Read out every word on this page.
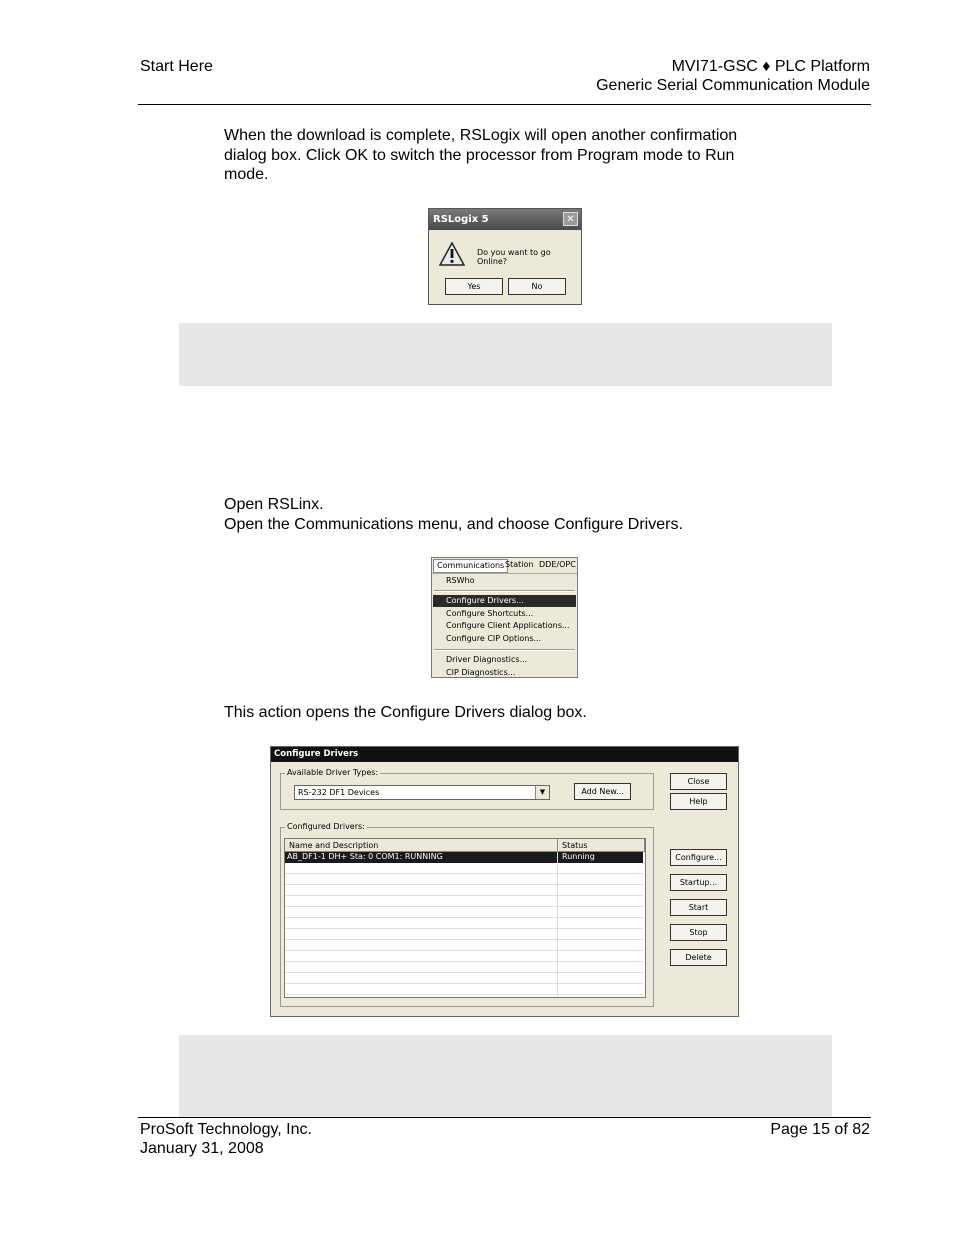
Start Here	MVI71-GSC ♦ PLC Platform
Generic Serial Communication Module
When the download is complete, RSLogix will open another confirmation
dialog box. Click OK to switch the processor from Program mode to Run
mode.
RSLogix 5	✕
Do you want to go Online?
Yes	No
Open RSLinx.
Open the Communications menu, and choose Configure Drivers.
Communications Station DDE/OPC
RSWho
Configure Drivers...
Configure Shortcuts...
Configure Client Applications...
Configure CIP Options...
Driver Diagnostics...
CIP Diagnostics...
This action opens the Configure Drivers dialog box.
Configure Drivers
Available Driver Types:
RS-232 DF1 Devices	▼	Add New...
Configured Drivers:
Name and Description	Status
AB_DF1-1 DH+ Sta: 0 COM1: RUNNING	Running
Close
Help
Configure...
Startup...
Start
Stop
Delete
ProSoft Technology, Inc.
January 31, 2008
Page 15 of 82
